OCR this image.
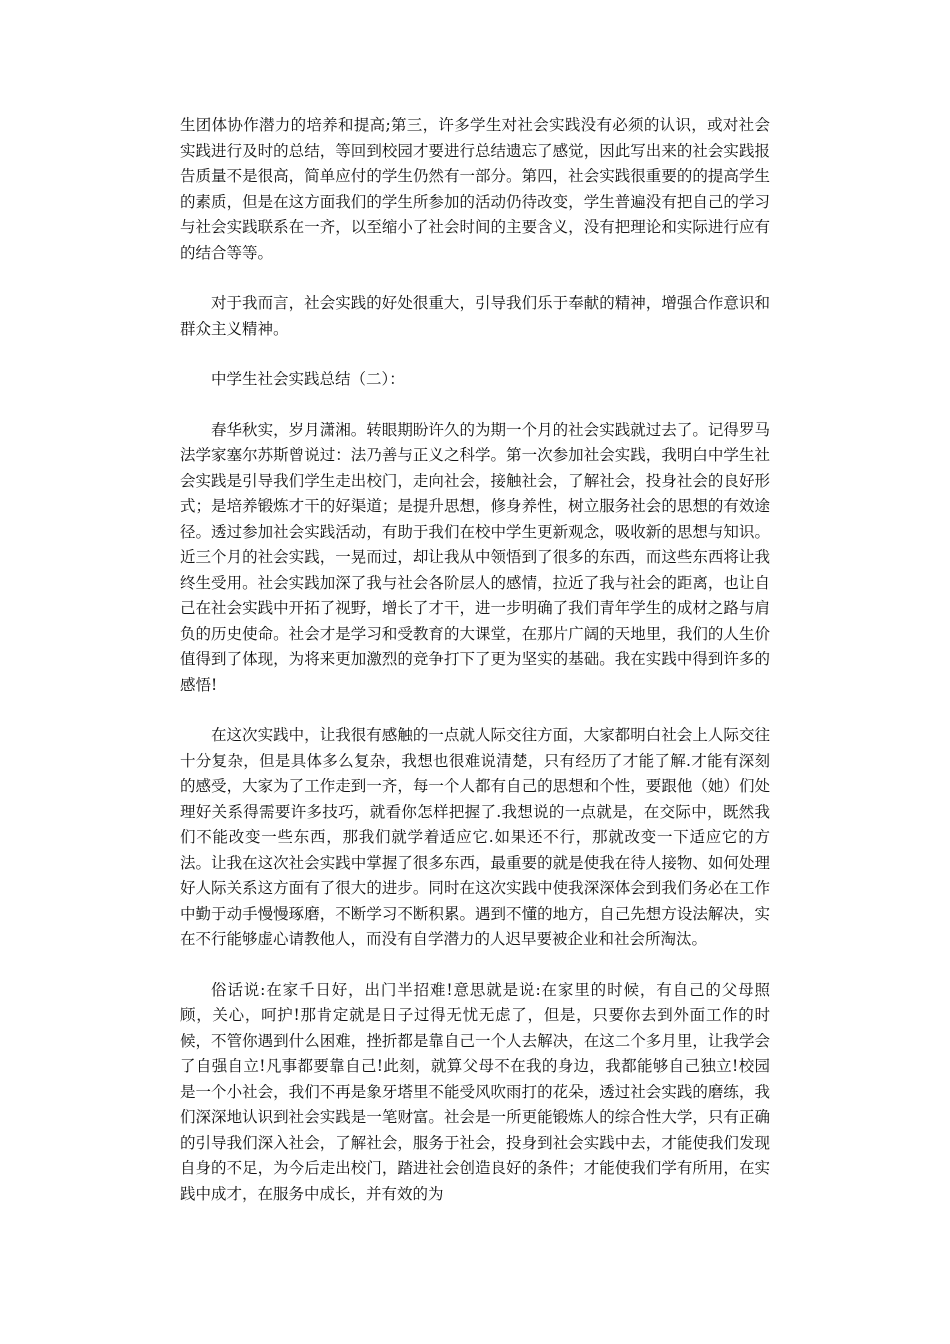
生团体协作潜力的培养和提高;第三，许多学生对社会实践没有必须的认识，或对社会实践进行及时的总结，等回到校园才要进行总结遗忘了感觉，因此写出来的社会实践报告质量不是很高，简单应付的学生仍然有一部分。第四，社会实践很重要的的提高学生的素质，但是在这方面我们的学生所参加的活动仍待改变，学生普遍没有把自己的学习与社会实践联系在一齐，以至缩小了社会时间的主要含义，没有把理论和实际进行应有的结合等等。

对于我而言，社会实践的好处很重大，引导我们乐于奉献的精神，增强合作意识和群众主义精神。

中学生社会实践总结（二）：

春华秋实，岁月潇湘。转眼期盼许久的为期一个月的社会实践就过去了。记得罗马法学家塞尔苏斯曾说过：法乃善与正义之科学。第一次参加社会实践，我明白中学生社会实践是引导我们学生走出校门，走向社会，接触社会，了解社会，投身社会的良好形式；是培养锻炼才干的好渠道；是提升思想，修身养性，树立服务社会的思想的有效途径。透过参加社会实践活动，有助于我们在校中学生更新观念，吸收新的思想与知识。近三个月的社会实践，一晃而过，却让我从中领悟到了很多的东西，而这些东西将让我终生受用。社会实践加深了我与社会各阶层人的感情，拉近了我与社会的距离，也让自己在社会实践中开拓了视野，增长了才干，进一步明确了我们青年学生的成材之路与肩负的历史使命。社会才是学习和受教育的大课堂，在那片广阔的天地里，我们的人生价值得到了体现，为将来更加激烈的竞争打下了更为坚实的基础。我在实践中得到许多的感悟!

在这次实践中，让我很有感触的一点就人际交往方面，大家都明白社会上人际交往十分复杂，但是具体多么复杂，我想也很难说清楚，只有经历了才能了解.才能有深刻的感受，大家为了工作走到一齐，每一个人都有自己的思想和个性，要跟他（她）们处理好关系得需要许多技巧，就看你怎样把握了.我想说的一点就是，在交际中，既然我们不能改变一些东西，那我们就学着适应它.如果还不行，那就改变一下适应它的方法。让我在这次社会实践中掌握了很多东西，最重要的就是使我在待人接物、如何处理好人际关系这方面有了很大的进步。同时在这次实践中使我深深体会到我们务必在工作中勤于动手慢慢琢磨，不断学习不断积累。遇到不懂的地方，自己先想方设法解决，实在不行能够虚心请教他人，而没有自学潜力的人迟早要被企业和社会所淘汰。

俗话说:在家千日好，出门半招难!意思就是说:在家里的时候，有自己的父母照顾，关心，呵护!那肯定就是日子过得无忧无虑了，但是，只要你去到外面工作的时候，不管你遇到什么困难，挫折都是靠自己一个人去解决，在这二个多月里，让我学会了自强自立!凡事都要靠自己!此刻，就算父母不在我的身边，我都能够自己独立!校园是一个小社会，我们不再是象牙塔里不能受风吹雨打的花朵，透过社会实践的磨练，我们深深地认识到社会实践是一笔财富。社会是一所更能锻炼人的综合性大学，只有正确的引导我们深入社会，了解社会，服务于社会，投身到社会实践中去，才能使我们发现自身的不足，为今后走出校门，踏进社会创造良好的条件；才能使我们学有所用，在实践中成才，在服务中成长，并有效的为
